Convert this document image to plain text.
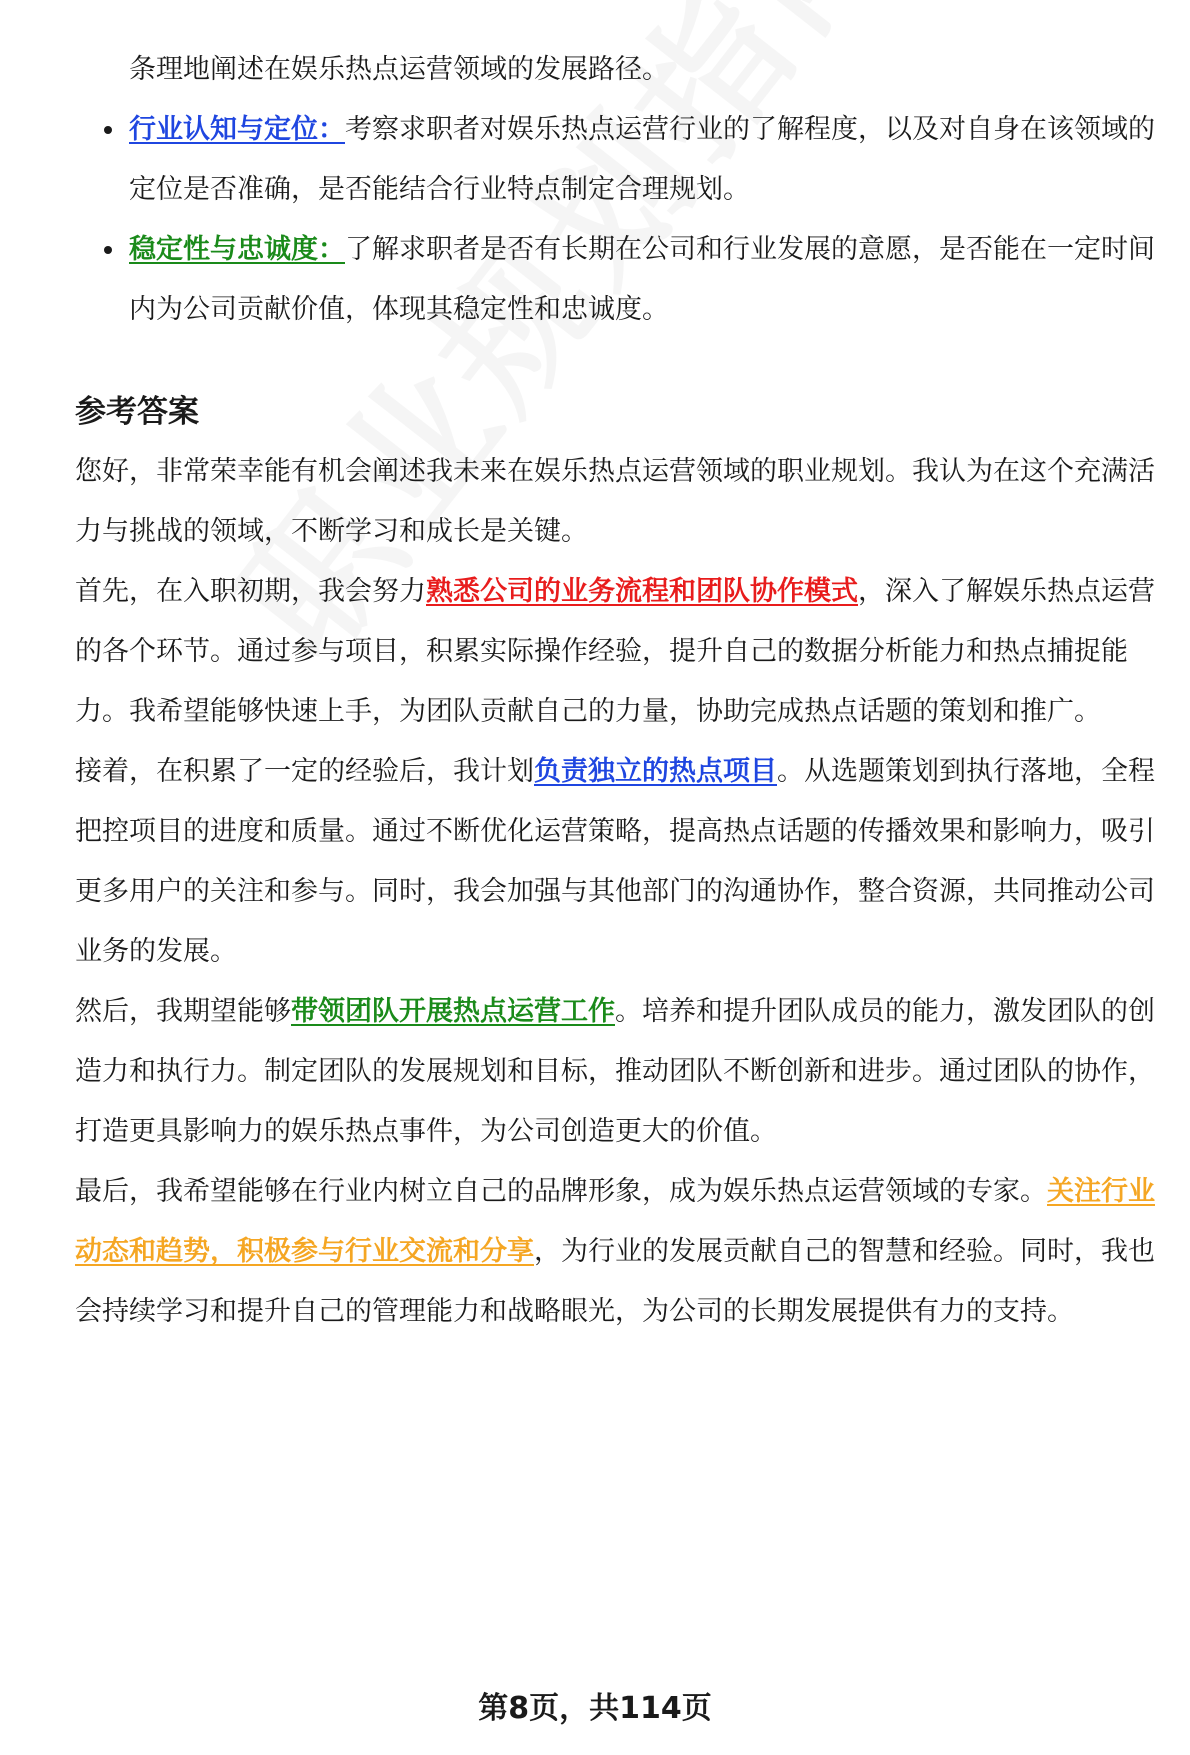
条理地阐述在娱乐热点运营领域的发展路径。
行业认知与定位：考察求职者对娱乐热点运营行业的了解程度，以及对自身在该领域的定位是否准确，是否能结合行业特点制定合理规划。
稳定性与忠诚度：了解求职者是否有长期在公司和行业发展的意愿，是否能在一定时间内为公司贡献价值，体现其稳定性和忠诚度。
参考答案

您好，非常荣幸能有机会阐述我未来在娱乐热点运营领域的职业规划。我认为在这个充满活力与挑战的领域，不断学习和成长是关键。

首先，在入职初期，我会努力熟悉公司的业务流程和团队协作模式，深入了解娱乐热点运营的各个环节。通过参与项目，积累实际操作经验，提升自己的数据分析能力和热点捕捉能力。我希望能够快速上手，为团队贡献自己的力量，协助完成热点话题的策划和推广。

接着，在积累了一定的经验后，我计划负责独立的热点项目。从选题策划到执行落地，全程把控项目的进度和质量。通过不断优化运营策略，提高热点话题的传播效果和影响力，吸引更多用户的关注和参与。同时，我会加强与其他部门的沟通协作，整合资源，共同推动公司业务的发展。

然后，我期望能够带领团队开展热点运营工作。培养和提升团队成员的能力，激发团队的创造力和执行力。制定团队的发展规划和目标，推动团队不断创新和进步。通过团队的协作，打造更具影响力的娱乐热点事件，为公司创造更大的价值。

最后，我希望能够在行业内树立自己的品牌形象，成为娱乐热点运营领域的专家。关注行业动态和趋势，积极参与行业交流和分享，为行业的发展贡献自己的智慧和经验。同时，我也会持续学习和提升自己的管理能力和战略眼光，为公司的长期发展提供有力的支持。

第8页，共114页
